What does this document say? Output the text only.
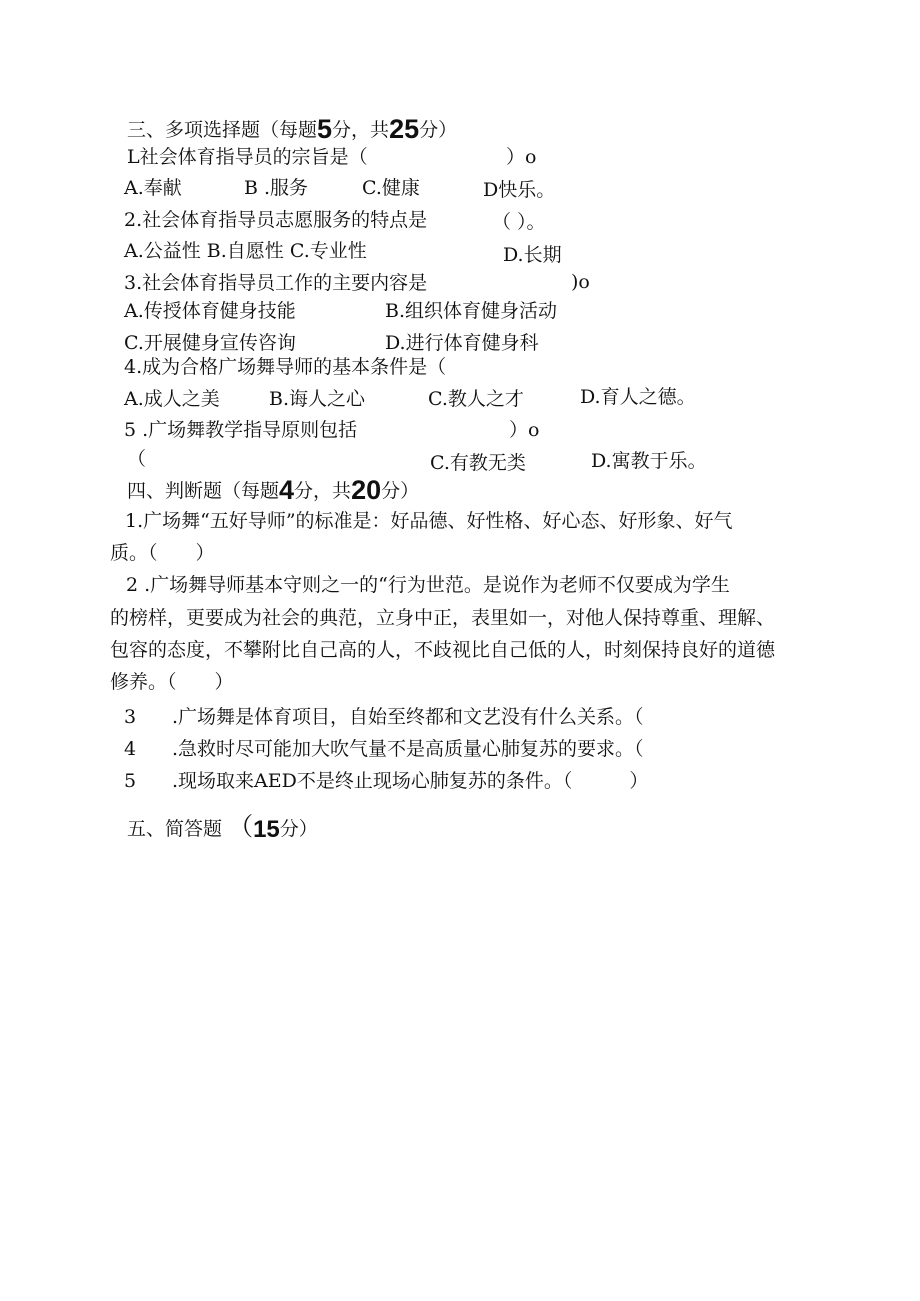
三、多项选择题（每题5分，共25分）
L社会体育指导员的宗旨是（	）o
A.奉献	B .服务	C.健康	D快乐。
2.社会体育指导员志愿服务的特点是	（ ）。
A.公益性 B.自愿性 C.专业性	D.长期
3.社会体育指导员工作的主要内容是	)o
A.传授体育健身技能	B.组织体育健身活动
C.开展健身宣传咨询	D.进行体育健身科
4.成为合格广场舞导师的基本条件是（
A.成人之美	B.诲人之心	C.教人之才	D.育人之德。
5 .广场舞教学指导原则包括	）o
（	C.有教无类	D.寓教于乐。
四、判断题（每题4分，共20分）
1.广场舞“五好导师”的标准是：好品德、好性格、好心态、好形象、好气
质。（　　）
2 .广场舞导师基本守则之一的“行为世范。是说作为老师不仅要成为学生
的榜样，更要成为社会的典范，立身中正，表里如一，对他人保持尊重、理解、
包容的态度，不攀附比自己高的人，不歧视比自己低的人，时刻保持良好的道德
修养。（　　）
3 .广场舞是体育项目，自始至终都和文艺没有什么关系。（
4 .急救时尽可能加大吹气量不是高质量心肺复苏的要求。（
5 .现场取来AED不是终止现场心肺复苏的条件。（　　　）
五、简答题 （15分）
